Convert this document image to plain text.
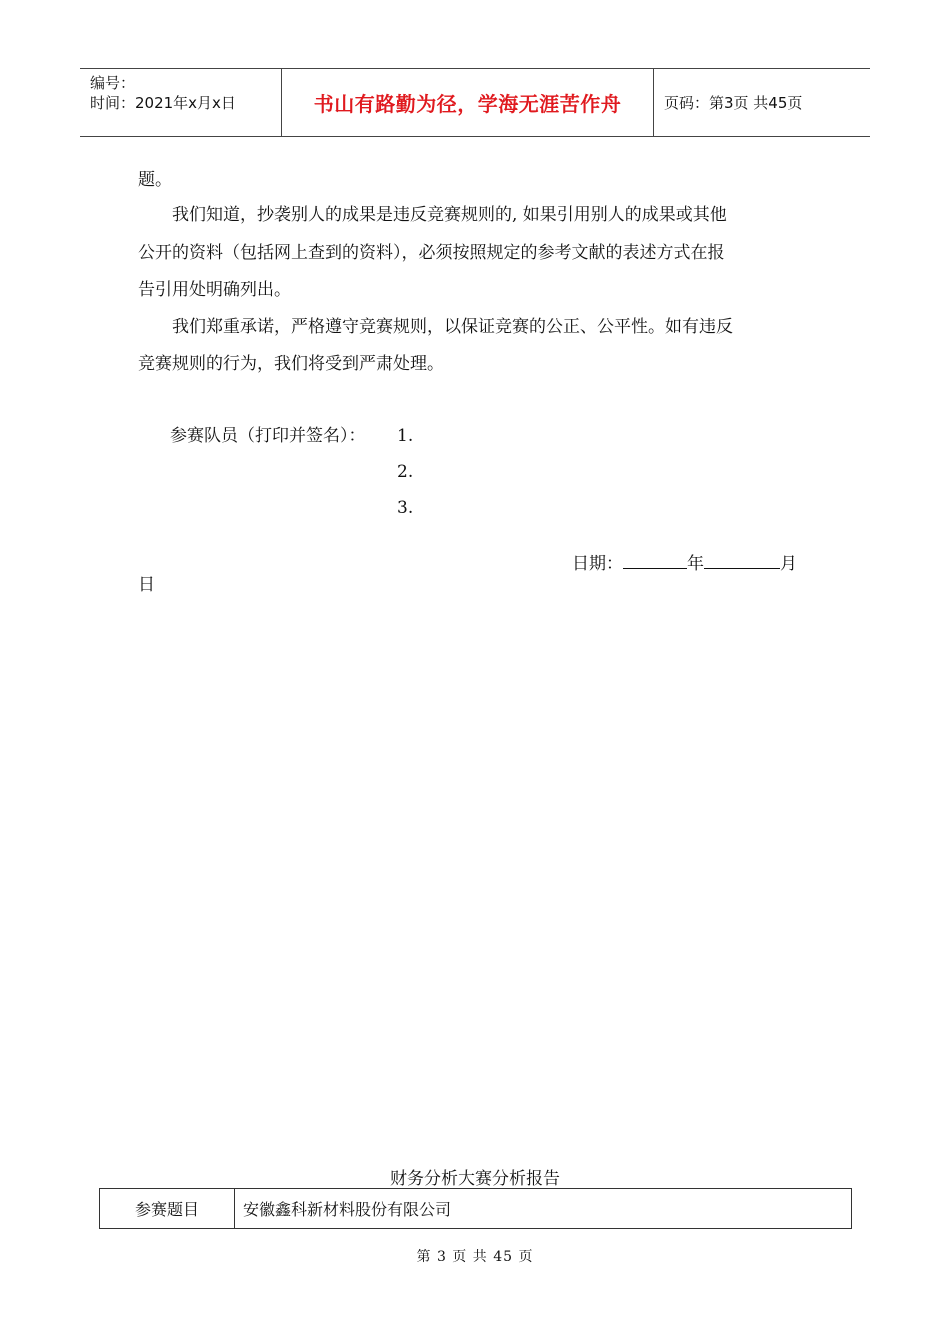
编号：
时间：2021年x月x日	书山有路勤为径，学海无涯苦作舟	页码：第3页 共45页
题。
我们知道，抄袭别人的成果是违反竞赛规则的, 如果引用别人的成果或其他
公开的资料（包括网上查到的资料），必须按照规定的参考文献的表述方式在报
告引用处明确列出。
我们郑重承诺，严格遵守竞赛规则，以保证竞赛的公正、公平性。如有违反
竞赛规则的行为，我们将受到严肃处理。
参赛队员（打印并签名）： 1.
2.
3.
日期：	年	月
日
财务分析大赛分析报告
参赛题目	安徽鑫科新材料股份有限公司
第 3 页 共 45 页
